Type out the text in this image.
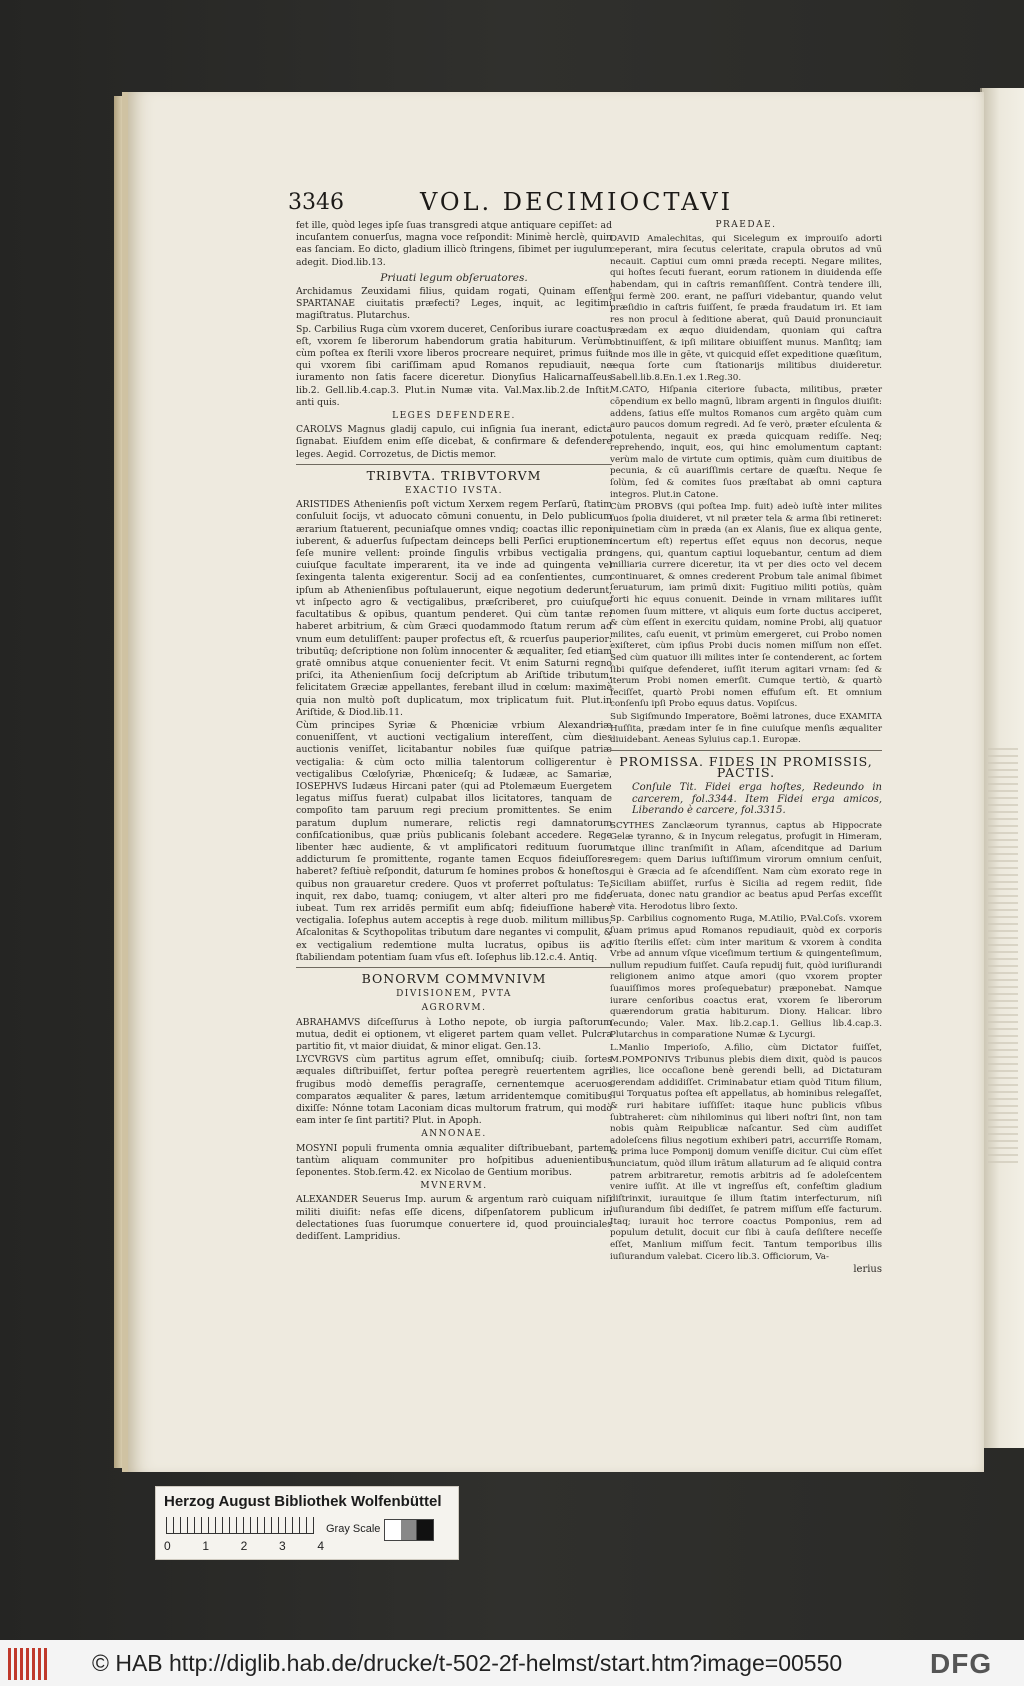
3346	VOL. DECIMIOCTAVI

fet ille, quòd leges ipſe ſuas transgredi atque antiquare cepiſſet: ad incuſantem conuerſus, magna voce reſpondit: Minimè herclè, quin eas ſanciam. Eo dicto, gladium illicò ſtringens, ſibimet per iugulum adegit. Diod.lib.13.

Priuati legum obſeruatores.

Archidamus Zeuxidami filius, quidam rogati, Quinam eſſent SPARTANAE ciuitatis præfecti? Leges, inquit, ac legitimi magiſtratus. Plutarchus.

Sp. Carbilius Ruga cùm vxorem duceret, Cenſoribus iurare coactus eſt, vxorem ſe liberorum habendorum gratia habiturum. Verùm cùm poſtea ex ſterili vxore liberos procreare nequiret, primus fuit qui vxorem ſibi cariſſimam apud Romanos repudiauit, ne iuramento non ſatis facere diceretur. Dionyſius Halicarnaſſeus lib.2. Gell.lib.4.cap.3. Plut.in Numæ vita. Val.Max.lib.2.de Inſtit. anti quis.

LEGES DEFENDERE.

CAROLVS Magnus gladij capulo, cui inſignia ſua inerant, edicta ſignabat. Eiuſdem enim eſſe dicebat, & confirmare & defendere leges. Aegid. Corrozetus, de Dictis memor.

TRIBVTA. TRIBVTORVM
EXACTIO IVSTA.

ARISTIDES Athenienſis poſt victum Xerxem regem Perſarū, ſtatim conſuluit ſocijs, vt aduocato cōmuni conuentu, in Delo publicum ærarium ſtatuerent, pecuniaſque omnes vndiq; coactas illic reponi iuberent, & aduerſus ſuſpectam deinceps belli Perſici eruptionem ſeſe munire vellent: proinde ſingulis vrbibus vectigalia pro cuiuſque facultate imperarent, ita ve inde ad quingenta vel ſexingenta talenta exigerentur. Socij ad ea conſentientes, cum ipſum ab Athenienſibus poſtulauerunt, eique negotium dederunt, vt inſpecto agro & vectigalibus, præſcriberet, pro cuiuſque facultatibus & opibus, quantum penderet. Qui cùm tantæ rei haberet arbitrium, & cùm Græci quodammodo ſtatum rerum ad vnum eum detuliſſent: pauper profectus eſt, & rcuerſus pauperior: tributūq; deſcriptione non ſolùm innocenter & æqualiter, ſed etiam gratē omnibus atque conuenienter fecit. Vt enim Saturni regno priſci, ita Athenienſium ſocij deſcriptum ab Ariſtide tributum, felicitatem Græciæ appellantes, ferebant illud in cœlum: maximè quia non multò poſt duplicatum, mox triplicatum fuit. Plut.in Ariſtide, & Diod.lib.11.

Cùm principes Syriæ & Phœniciæ vrbium Alexandriæ conueniſſent, vt auctioni vectigalium intereſſent, cùm dies auctionis veniſſet, licitabantur nobiles ſuæ quiſque patriæ vectigalia: & cùm octo millia talentorum colligerentur è vectigalibus Cœloſyriæ, Phœniceſq; & Iudææ, ac Samariæ, IOSEPHVS Iudæus Hircani pater (qui ad Ptolemæum Euergetem legatus miſſus fuerat) culpabat illos licitatores, tanquam de compoſito tam paruum regi precium promittentes. Se enim paratum duplum numerare, relictis regi damnatorum confiſcationibus, quæ priùs publicanis ſolebant accedere. Rege libenter hæc audiente, & vt amplificatori redituum ſuorum addicturum ſe promittente, rogante tamen Ecquos fideiuſſores haberet? feſtiuè reſpondit, daturum ſe homines probos & honeſtos, quibus non grauaretur credere. Quos vt proferret poſtulatus: Te, inquit, rex dabo, tuamq; coniugem, vt alter alteri pro me fide iubeat. Tum rex arridēs permiſit eum abſq; fideiuſſione habere vectigalia. Ioſephus autem acceptis à rege duob. militum millibus, Aſcalonitas & Scythopolitas tributum dare negantes vi compulit, & ex vectigalium redemtione multa lucratus, opibus iis ad ſtabiliendam potentiam ſuam vſus eſt. Ioſephus lib.12.c.4. Antiq.

BONORVM COMMVNIVM
DIVISIONEM, PVTA
AGRORVM.

ABRAHAMVS diſceſſurus à Lotho nepote, ob iurgia paſtorum mutua, dedit ei optionem, vt eligeret partem quam vellet. Pulcra partitio fit, vt maior diuidat, & minor eligat. Gen.13.

LYCVRGVS cùm partitus agrum eſſet, omnibuſq; ciuib. ſortes æquales diſtribuiſſet, fertur poſtea peregrè reuertentem agri frugibus modò demeſſis peragraſſe, cernentemque aceruos comparatos æqualiter & pares, lætum arridentemque comitibus dixiſſe: Nónne totam Laconiam dicas multorum fratrum, qui modò eam inter ſe ſint partiti? Plut. in Apoph.

ANNONAE.

MOSYNI populi frumenta omnia æqualiter diſtribuebant, partem tantùm aliquam communiter pro hoſpitibus aduenientibus ſeponentes. Stob.ſerm.42. ex Nicolao de Gentium moribus.

MVNERVM.

ALEXANDER Seuerus Imp. aurum & argentum rarò cuiquam niſi militi diuiſit: nefas eſſe dicens, diſpenſatorem publicum in delectationes ſuas ſuorumque conuertere id, quod prouinciales dediſſent. Lampridius.

PRAEDAE.

DAVID Amalechitas, qui Sicelegum ex improuiſo adorti ceperant, mira ſecutus celeritate, crapula obrutos ad vnū necauit. Captiui cum omni præda recepti. Negare milites, qui hoſtes ſecuti fuerant, eorum rationem in diuidenda eſſe habendam, qui in caſtris remanſiſſent. Contrà tendere illi, qui fermè 200. erant, ne paſſuri videbantur, quando velut præſidio in caſtris fuiſſent, ſe præda fraudatum iri. Et iam res non procul à ſeditione aberat, quū Dauid pronunciauit prædam ex æquo diuidendam, quoniam qui caſtra obtinuiſſent, & ipſi militare obiuiſſent munus. Manſitq; iam inde mos ille in gēte, vt quicquid eſſet expeditione quæſitum, æqua ſorte cum ſtationarijs militibus diuideretur. Sabell.lib.8.En.1.ex 1.Reg.30.

M.CATO, Hiſpania citeriore ſubacta, militibus, præter cōpendium ex bello magnū, libram argenti in ſingulos diuiſit: addens, ſatius eſſe multos Romanos cum argēto quàm cum auro paucos domum regredi. Ad ſe verò, præter eſculenta & potulenta, negauit ex præda quicquam rediſſe. Neq; reprehendo, inquit, eos, qui hinc emolumentum captant: verùm malo de virtute cum optimis, quàm cum diuitibus de pecunia, & cū auariſſimis certare de quæſtu. Neque ſe ſolùm, ſed & comites ſuos præſtabat ab omni captura integros. Plut.in Catone.

Cùm PROBVS (qui poſtea Imp. fuit) adeò iuſtè inter milites ſuos ſpolia diuideret, vt nil præter tela & arma ſibi retineret: quinetiam cùm in præda (an ex Alanis, ſiue ex aliqua gente, incertum eſt) repertus eſſet equus non decorus, neque ingens, qui, quantum captiui loquebantur, centum ad diem milliaria currere diceretur, ita vt per dies octo vel decem continuaret, & omnes crederent Probum tale animal ſibimet ſeruaturum, iam primū dixit: Fugitiuo militi potiùs, quàm forti hic equus conuenit. Deinde in vrnam militares iuſſit nomen ſuum mittere, vt aliquis eum ſorte ductus acciperet, & cùm eſſent in exercitu quidam, nomine Probi, alij quatuor milites, caſu euenit, vt primùm emergeret, cui Probo nomen exiſteret, cùm ipſius Probi ducis nomen miſſum non eſſet. Sed cùm quatuor illi milites inter ſe contenderent, ac ſortem ſibi quiſque defenderet, iuſſit iterum agitari vrnam: ſed & iterum Probi nomen emerſit. Cumque tertiò, & quartò feciſſet, quartò Probi nomen effuſum eſt. Et omnium conſenſu ipſi Probo equus datus. Vopiſcus.

Sub Sigiſmundo Imperatore, Boëmi latrones, duce EXAMITA Huſſita, prædam inter ſe in fine cuiuſque menſis æqualiter diuidebant. Aeneas Syluius cap.1. Europæ.

PROMISSA. FIDES IN PROMISSIS, PACTIS.
Conſule Tit. Fidei erga hoſtes, Redeundo in carcerem, fol.3344. Item Fidei erga amicos, Liberando è carcere, fol.3315.

SCYTHES Zanclæorum tyrannus, captus ab Hippocrate Gelæ tyranno, & in Inycum relegatus, profugit in Himeram, atque illinc tranſmiſit in Aſiam, aſcenditque ad Darium regem: quem Darius iuſtiſſimum virorum omnium cenſuit, qui è Græcia ad ſe aſcendiſſent. Nam cùm exorato rege in Siciliam abiiſſet, rurſus è Sicilia ad regem rediit, ſide ſeruata, donec natu grandior ac beatus apud Perſas exceſſit è vita. Herodotus libro ſexto.

Sp. Carbilius cognomento Ruga, M.Atilio, P.Val.Coſs. vxorem ſuam primus apud Romanos repudiauit, quòd ex corporis vitio ſterilis eſſet: cùm inter maritum & vxorem à condita Vrbe ad annum vſque viceſimum tertium & quingenteſimum, nullum repudium fuiſſet. Cauſa repudij fuit, quòd iuriſiurandi religionem animo atque amori (quo vxorem propter ſuauiſſimos mores proſequebatur) præponebat. Namque iurare cenſoribus coactus erat, vxorem ſe liberorum quærendorum gratia habiturum. Diony. Halicar. libro ſecundo; Valer. Max. lib.2.cap.1. Gellius lib.4.cap.3. Plutarchus in comparatione Numæ & Lycurgi.

L.Manlio Imperioſo, A.filio, cùm Dictator fuiſſet, M.POMPONIVS Tribunus plebis diem dixit, quòd is paucos dies, lice occaſione benè gerendi belli, ad Dictaturam gerendam addidiſſet. Criminabatur etiam quòd Titum filium, qui Torquatus poſtea eſt appellatus, ab hominibus relegaſſet, & ruri habitare iuſſiſſet: itaque hunc publicis vſibus ſubtraheret: cùm nihilominus qui liberi noſtri ſint, non tam nobis quàm Reipublicæ naſcantur. Sed cùm audiſſet adoleſcens filius negotium exhiberi patri, accurriſſe Romam, & prima luce Pomponij domum veniſſe dicitur. Cui cùm eſſet nunciatum, quòd illum irātum allaturum ad ſe aliquid contra patrem arbitraretur, remotis arbitris ad ſe adoleſcentem venire iuſſit. At ille vt ingreſſus eſt, confeſtim gladium diſtrinxit, iurauitque ſe illum ſtatim interfecturum, niſi iuſiurandum ſibi dediſſet, ſe patrem miſſum eſſe facturum. Itaq; iurauit hoc terrore coactus Pomponius, rem ad populum detulit, docuit cur ſibi à cauſa deſiſtere neceſſe eſſet, Manlium miſſum fecit. Tantum temporibus illis iuſiurandum valebat. Cicero lib.3. Officiorum, Va-

lerius
Herzog August Bibliothek Wolfenbüttel
0	1	2	3	4
Gray Scale
© HAB http://diglib.hab.de/drucke/t-502-2f-helmst/start.htm?image=00550	DFG
